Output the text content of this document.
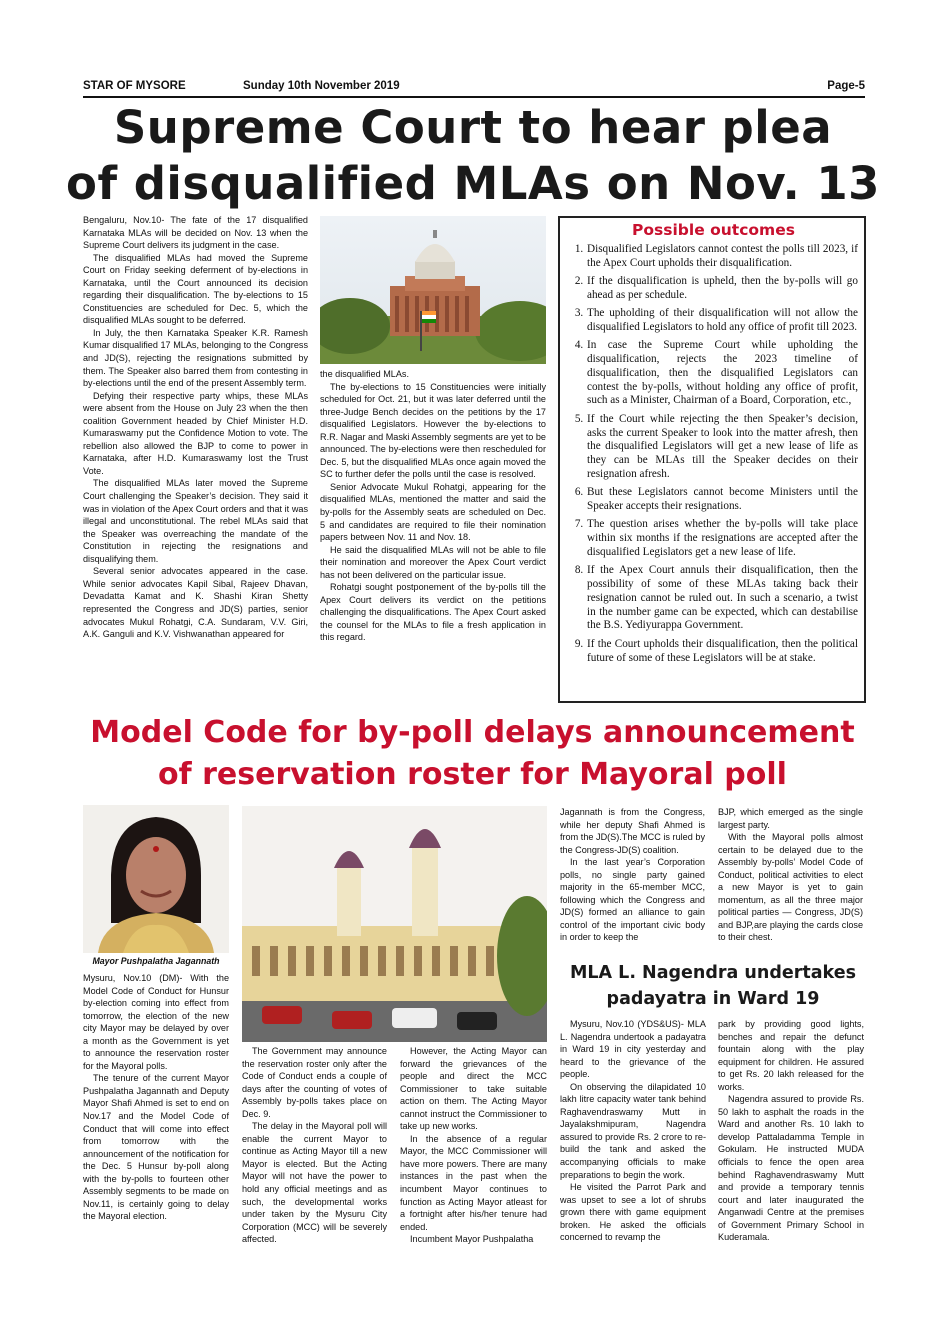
STAR OF MYSORE	Sunday 10th November 2019	Page-5
Supreme Court to hear plea
of disqualified MLAs on Nov. 13

Bengaluru, Nov.10- The fate of the 17 disqualified Karnataka MLAs will be decided on Nov. 13 when the Supreme Court delivers its judgment in the case.

The disqualified MLAs had moved the Supreme Court on Friday seeking deferment of by-elections in Karnataka, until the Court announced its decision regarding their disqualification. The by-elections to 15 Constituencies are scheduled for Dec. 5, which the disqualified MLAs sought to be deferred.

In July, the then Karnataka Speaker K.R. Ramesh Kumar disqualified 17 MLAs, belonging to the Congress and JD(S), rejecting the resignations submitted by them. The Speaker also barred them from contesting in by-elections until the end of the present Assembly term.

Defying their respective party whips, these MLAs were absent from the House on July 23 when the then coalition Government headed by Chief Minister H.D. Kumaraswamy put the Confidence Motion to vote. The rebellion also allowed the BJP to come to power in Karnataka, after H.D. Kumaraswamy lost the Trust Vote.

The disqualified MLAs later moved the Supreme Court challenging the Speaker’s decision. They said it was in violation of the Apex Court orders and that it was illegal and unconstitutional. The rebel MLAs said that the Speaker was overreaching the mandate of the Constitution in rejecting the resignations and disqualifying them.

Several senior advocates appeared in the case. While senior advocates Kapil Sibal, Rajeev Dhavan, Devadatta Kamat and K. Shashi Kiran Shetty represented the Congress and JD(S) parties, senior advocates Mukul Rohatgi, C.A. Sundaram, V.V. Giri, A.K. Ganguli and K.V. Vishwanathan appeared for

the disqualified MLAs.

The by-elections to 15 Constituencies were initially scheduled for Oct. 21, but it was later deferred until the three-Judge Bench decides on the petitions by the 17 disqualified Legislators. However the by-elections to R.R. Nagar and Maski Assembly segments are yet to be announced. The by-elections were then rescheduled for Dec. 5, but the disqualified MLAs once again moved the SC to further defer the polls until the case is resolved.

Senior Advocate Mukul Rohatgi, appearing for the disqualified MLAs, mentioned the matter and said the by-polls for the Assembly seats are scheduled on Dec. 5 and candidates are required to file their nomination papers between Nov. 11 and Nov. 18.

He said the disqualified MLAs will not be able to file their nomination and moreover the Apex Court verdict has not been delivered on the particular issue.

Rohatgi sought postponement of the by-polls till the Apex Court delivers its verdict on the petitions challenging the disqualifications. The Apex Court asked the counsel for the MLAs to file a fresh application in this regard.

Possible outcomes
1. Disqualified Legislators cannot contest the polls till 2023, if the Apex Court upholds their disqualification.
2. If the disqualification is upheld, then the by-polls will go ahead as per schedule.
3. The upholding of their disqualification will not allow the disqualified Legislators to hold any office of profit till 2023.
4. In case the Supreme Court while upholding the disqualification, rejects the 2023 timeline of disqualification, then the disqualified Legislators can contest the by-polls, without holding any office of profit, such as a Minister, Chairman of a Board, Corporation, etc.,
5. If the Court while rejecting the then Speaker’s decision, asks the current Speaker to look into the matter afresh, then the disqualified Legislators will get a new lease of life as they can be MLAs till the Speaker decides on their resignation afresh.
6. But these Legislators cannot become Ministers until the Speaker accepts their resignations.
7. The question arises whether the by-polls will take place within six months if the resignations are accepted after the disqualified Legislators get a new lease of life.
8. If the Apex Court annuls their disqualification, then the possibility of some of these MLAs taking back their resignation cannot be ruled out. In such a scenario, a twist in the number game can be expected, which can destabilise the B.S. Yediyurappa Government.
9. If the Court upholds their disqualification, then the political future of some of these Legislators will be at stake.
Model Code for by-poll delays announcement
of reservation roster for Mayoral poll
Mayor Pushpalatha Jagannath

Mysuru, Nov.10 (DM)- With the Model Code of Conduct for Hunsur by-election coming into effect from tomorrow, the election of the new city Mayor may be delayed by over a month as the Government is yet to announce the reservation roster for the Mayoral polls.

The tenure of the current Mayor Pushpalatha Jagannath and Deputy Mayor Shafi Ahmed is set to end on Nov.17 and the Model Code of Conduct that will come into effect from tomorrow with the announcement of the notification for the Dec. 5 Hunsur by-poll along with the by-polls to fourteen other Assembly segments to be made on Nov.11, is certainly going to delay the Mayoral election.

The Government may announce the reservation roster only after the Code of Conduct ends a couple of days after the counting of votes of Assembly by-polls takes place on Dec. 9.

The delay in the Mayoral poll will enable the current Mayor to continue as Acting Mayor till a new Mayor is elected. But the Acting Mayor will not have the power to hold any official meetings and as such, the developmental works under taken by the Mysuru City Corporation (MCC) will be severely affected.

However, the Acting Mayor can forward the grievances of the people and direct the MCC Commissioner to take suitable action on them. The Acting Mayor cannot instruct the Commissioner to take up new works.

In the absence of a regular Mayor, the MCC Commissioner will have more powers. There are many instances in the past when the incumbent Mayor continues to function as Acting Mayor atleast for a fortnight after his/her tenure had ended.

Incumbent Mayor Pushpalatha

Jagannath is from the Congress, while her deputy Shafi Ahmed is from the JD(S).The MCC is ruled by the Congress-JD(S) coalition.

In the last year’s Corporation polls, no single party gained majority in the 65-member MCC, following which the Congress and JD(S) formed an alliance to gain control of the important civic body in order to keep the

BJP, which emerged as the single largest party.

With the Mayoral polls almost certain to be delayed due to the Assembly by-polls’ Model Code of Conduct, political activities to elect a new Mayor is yet to gain momentum, as all the three major political parties — Congress, JD(S) and BJP,are playing the cards close to their chest.

MLA L. Nagendra undertakes
padayatra in Ward 19

Mysuru, Nov.10 (YDS&US)- MLA L. Nagendra undertook a padayatra in Ward 19 in city yesterday and heard to the grievance of the people.

On observing the dilapidated 10 lakh litre capacity water tank behind Raghavendraswamy Mutt in Jayalakshmipuram, Nagendra assured to provide Rs. 2 crore to re-build the tank and asked the accompanying officials to make preparations to begin the work.

He visited the Parrot Park and was upset to see a lot of shrubs grown there with game equipment broken. He asked the officials concerned to revamp the

park by providing good lights, benches and repair the defunct fountain along with the play equipment for children. He assured to get Rs. 20 lakh released for the works.

Nagendra assured to provide Rs. 50 lakh to asphalt the roads in the Ward and another Rs. 10 lakh to develop Pattaladamma Temple in Gokulam. He instructed MUDA officials to fence the open area behind Raghavendraswamy Mutt and provide a temporary tennis court and later inaugurated the Anganwadi Centre at the premises of Government Primary School in Kuderamala.
